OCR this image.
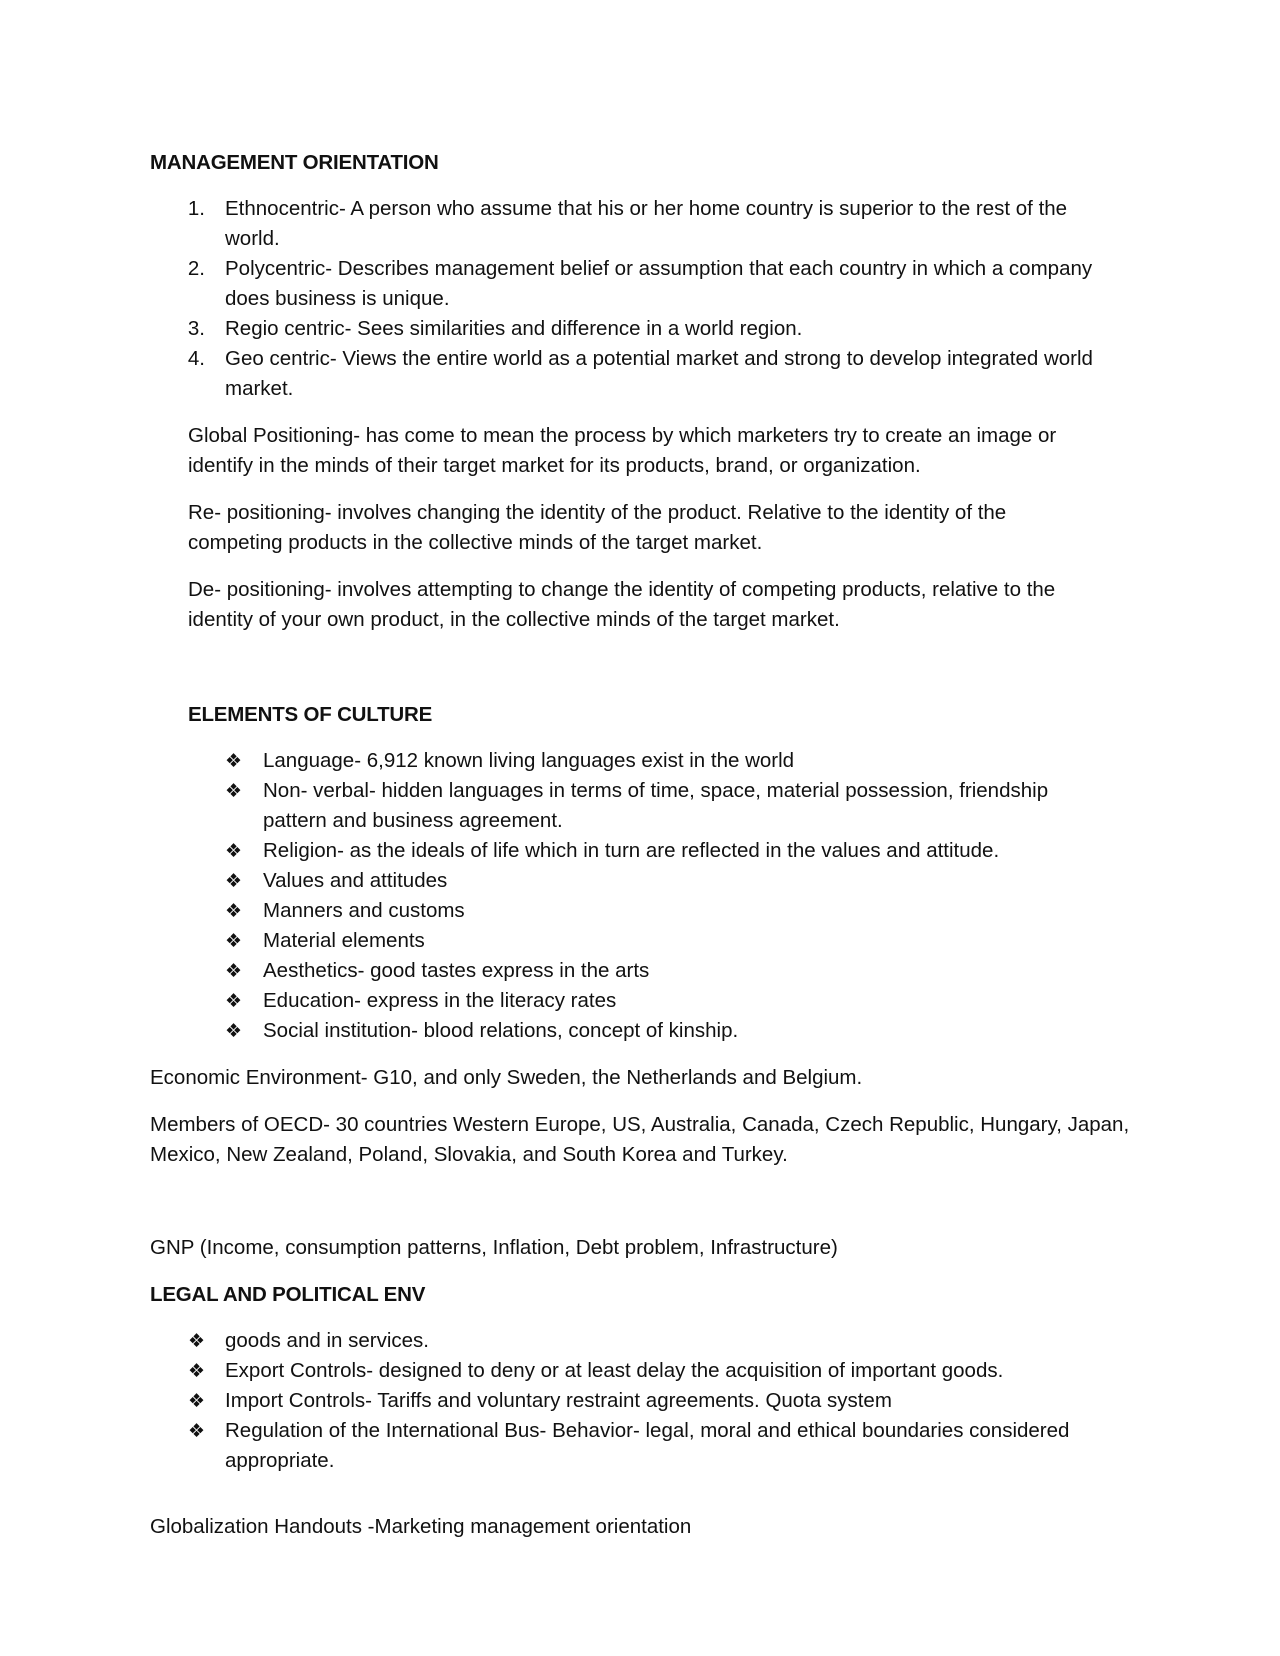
MANAGEMENT ORIENTATION
1. Ethnocentric- A person who assume that his or her home country is superior to the rest of the
world.
2. Polycentric- Describes management belief or assumption that each country in which a company
does business is unique.
3. Regio centric- Sees similarities and difference in a world region.
4. Geo centric- Views the entire world as a potential market and strong to develop integrated world
market.
Global Positioning- has come to mean the process by which marketers try to create an image or
identify in the minds of their target market for its products, brand, or organization.
Re- positioning- involves changing the identity of the product. Relative to the identity of the
competing products in the collective minds of the target market.
De- positioning- involves attempting to change the identity of competing products, relative to the
identity of your own product, in the collective minds of the target market.
ELEMENTS OF CULTURE
❖ Language- 6,912 known living languages exist in the world
❖ Non- verbal- hidden languages in terms of time, space, material possession, friendship
pattern and business agreement.
❖ Religion- as the ideals of life which in turn are reflected in the values and attitude.
❖ Values and attitudes
❖ Manners and customs
❖ Material elements
❖ Aesthetics- good tastes express in the arts
❖ Education- express in the literacy rates
❖ Social institution- blood relations, concept of kinship.
Economic Environment- G10, and only Sweden, the Netherlands and Belgium.
Members of OECD- 30 countries Western Europe, US, Australia, Canada, Czech Republic, Hungary, Japan,
Mexico, New Zealand, Poland, Slovakia, and South Korea and Turkey.
GNP (Income, consumption patterns, Inflation, Debt problem, Infrastructure)
LEGAL AND POLITICAL ENV
❖ goods and in services.
❖ Export Controls- designed to deny or at least delay the acquisition of important goods.
❖ Import Controls- Tariffs and voluntary restraint agreements. Quota system
❖ Regulation of the International Bus- Behavior- legal, moral and ethical boundaries considered
appropriate.
Globalization Handouts -Marketing management orientation
